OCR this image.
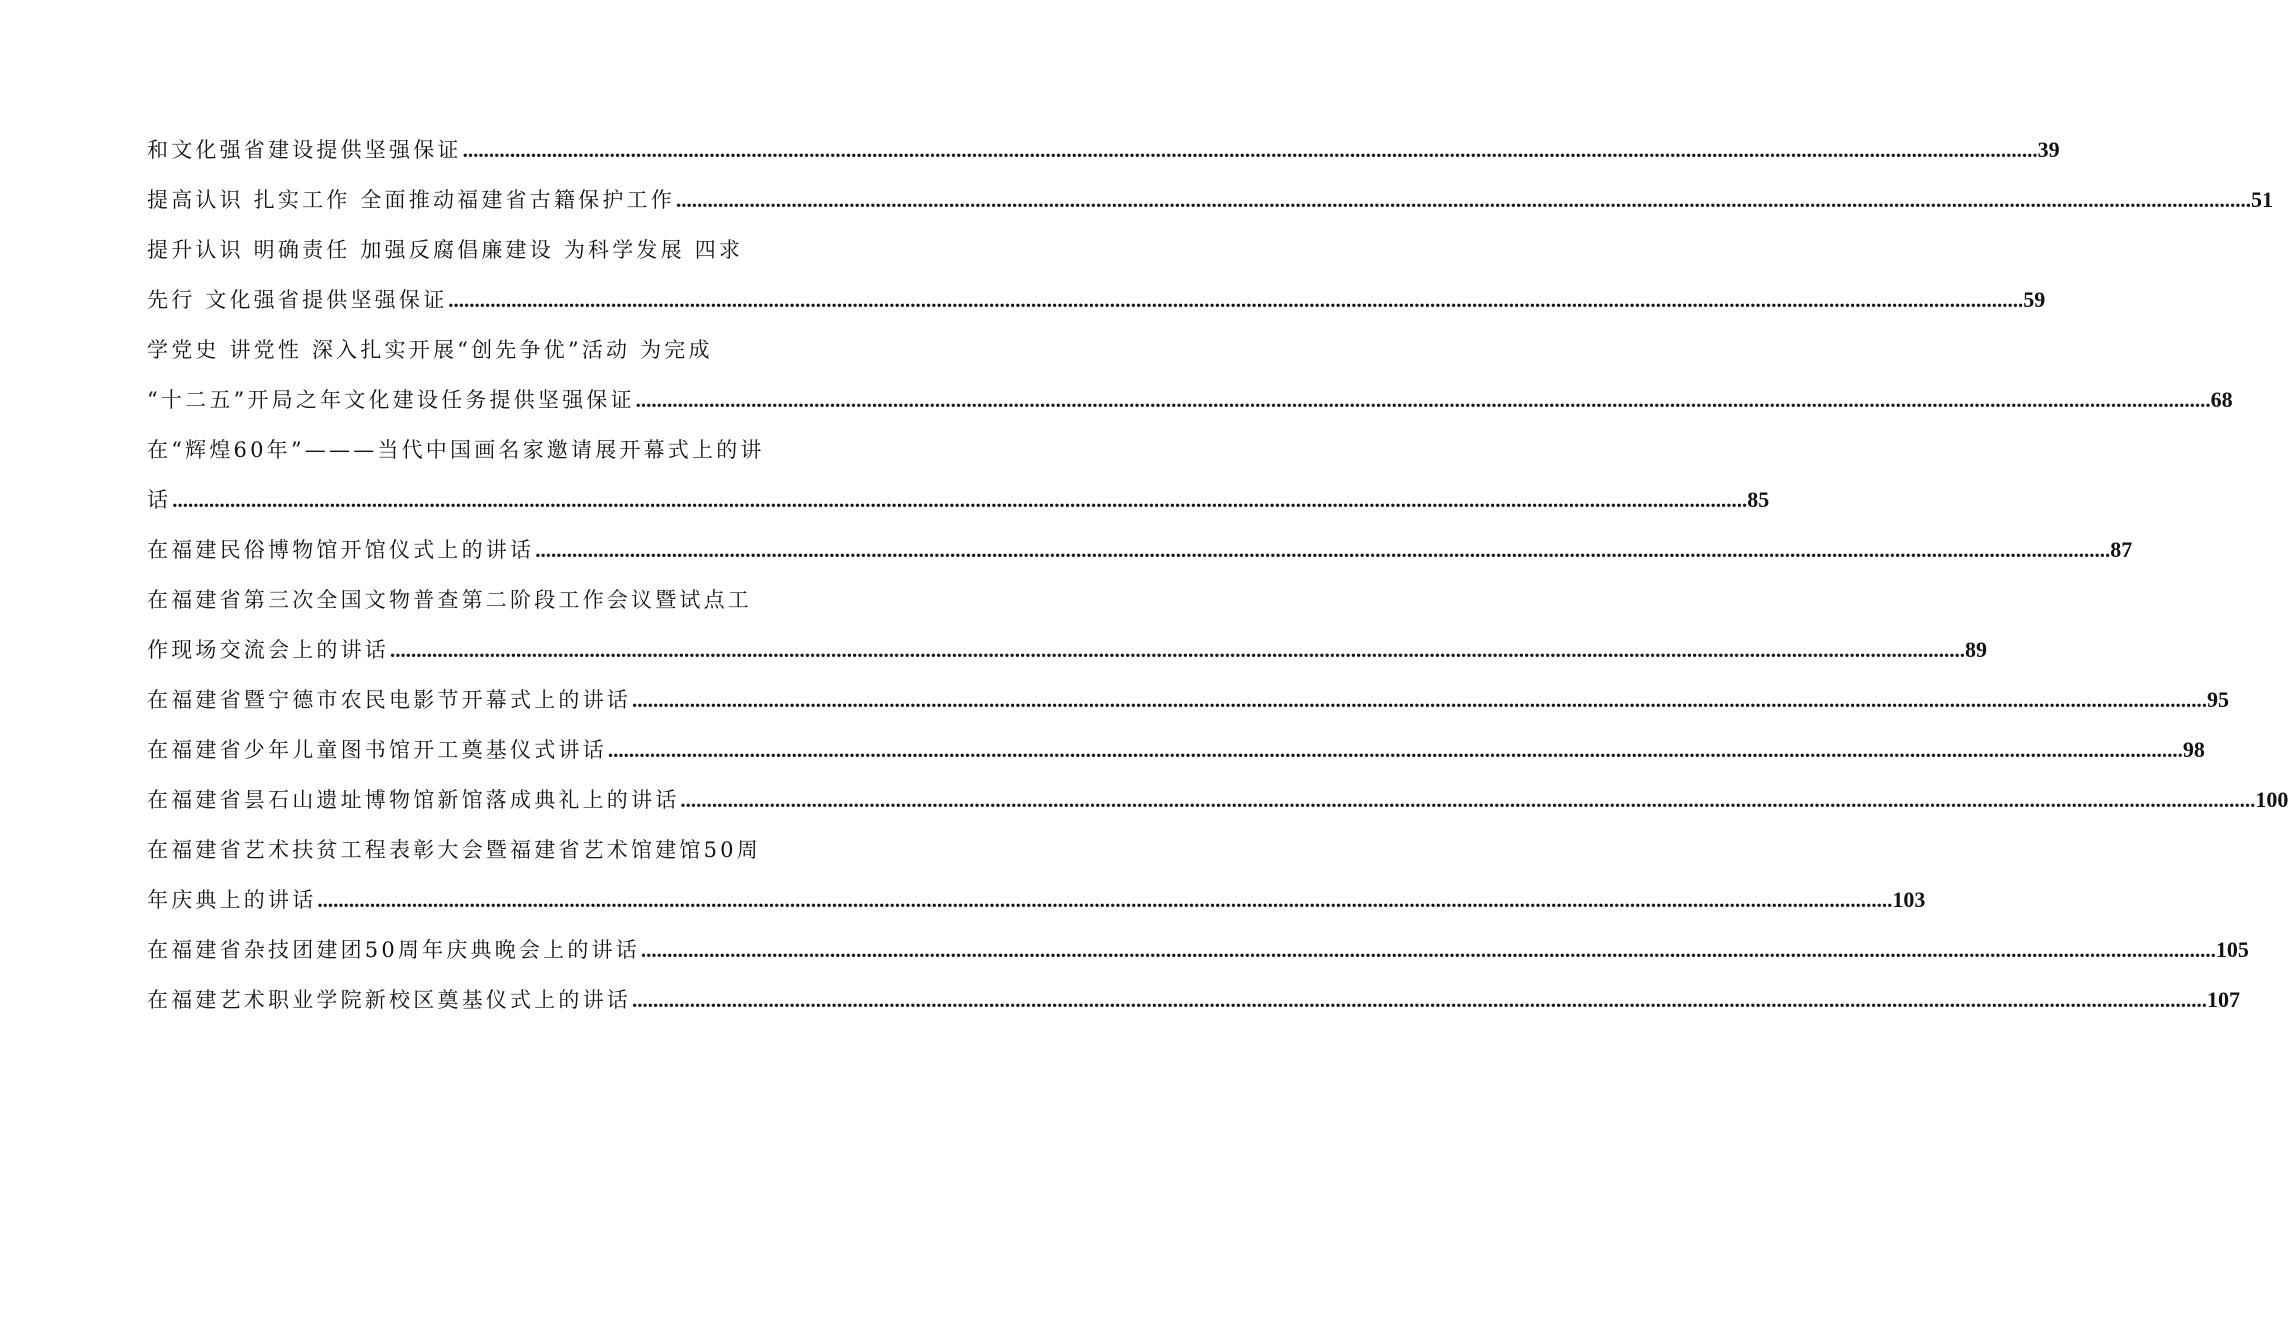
和文化强省建设提供坚强保证 ............................................................................................................................................................................................................................................................................................................ 39
提高认识 扎实工作 全面推动福建省古籍保护工作 ............................................................................................................................................................................................................................................................................................................ 51
提升认识 明确责任 加强反腐倡廉建设 为科学发展 四求
先行 文化强省提供坚强保证 ............................................................................................................................................................................................................................................................................................................ 59
学党史 讲党性 深入扎实开展“创先争优”活动 为完成
“十二五”开局之年文化建设任务提供坚强保证 ............................................................................................................................................................................................................................................................................................................ 68
在“辉煌60年”———当代中国画名家邀请展开幕式上的讲
话 ............................................................................................................................................................................................................................................................................................................ 85
在福建民俗博物馆开馆仪式上的讲话 ............................................................................................................................................................................................................................................................................................................ 87
在福建省第三次全国文物普查第二阶段工作会议暨试点工
作现场交流会上的讲话 ............................................................................................................................................................................................................................................................................................................ 89
在福建省暨宁德市农民电影节开幕式上的讲话 ............................................................................................................................................................................................................................................................................................................ 95
在福建省少年儿童图书馆开工奠基仪式讲话 ............................................................................................................................................................................................................................................................................................................ 98
在福建省昙石山遗址博物馆新馆落成典礼上的讲话 ............................................................................................................................................................................................................................................................................................................ 100
在福建省艺术扶贫工程表彰大会暨福建省艺术馆建馆50周
年庆典上的讲话 ............................................................................................................................................................................................................................................................................................................ 103
在福建省杂技团建团50周年庆典晚会上的讲话 ............................................................................................................................................................................................................................................................................................................ 105
在福建艺术职业学院新校区奠基仪式上的讲话 ............................................................................................................................................................................................................................................................................................................ 107
